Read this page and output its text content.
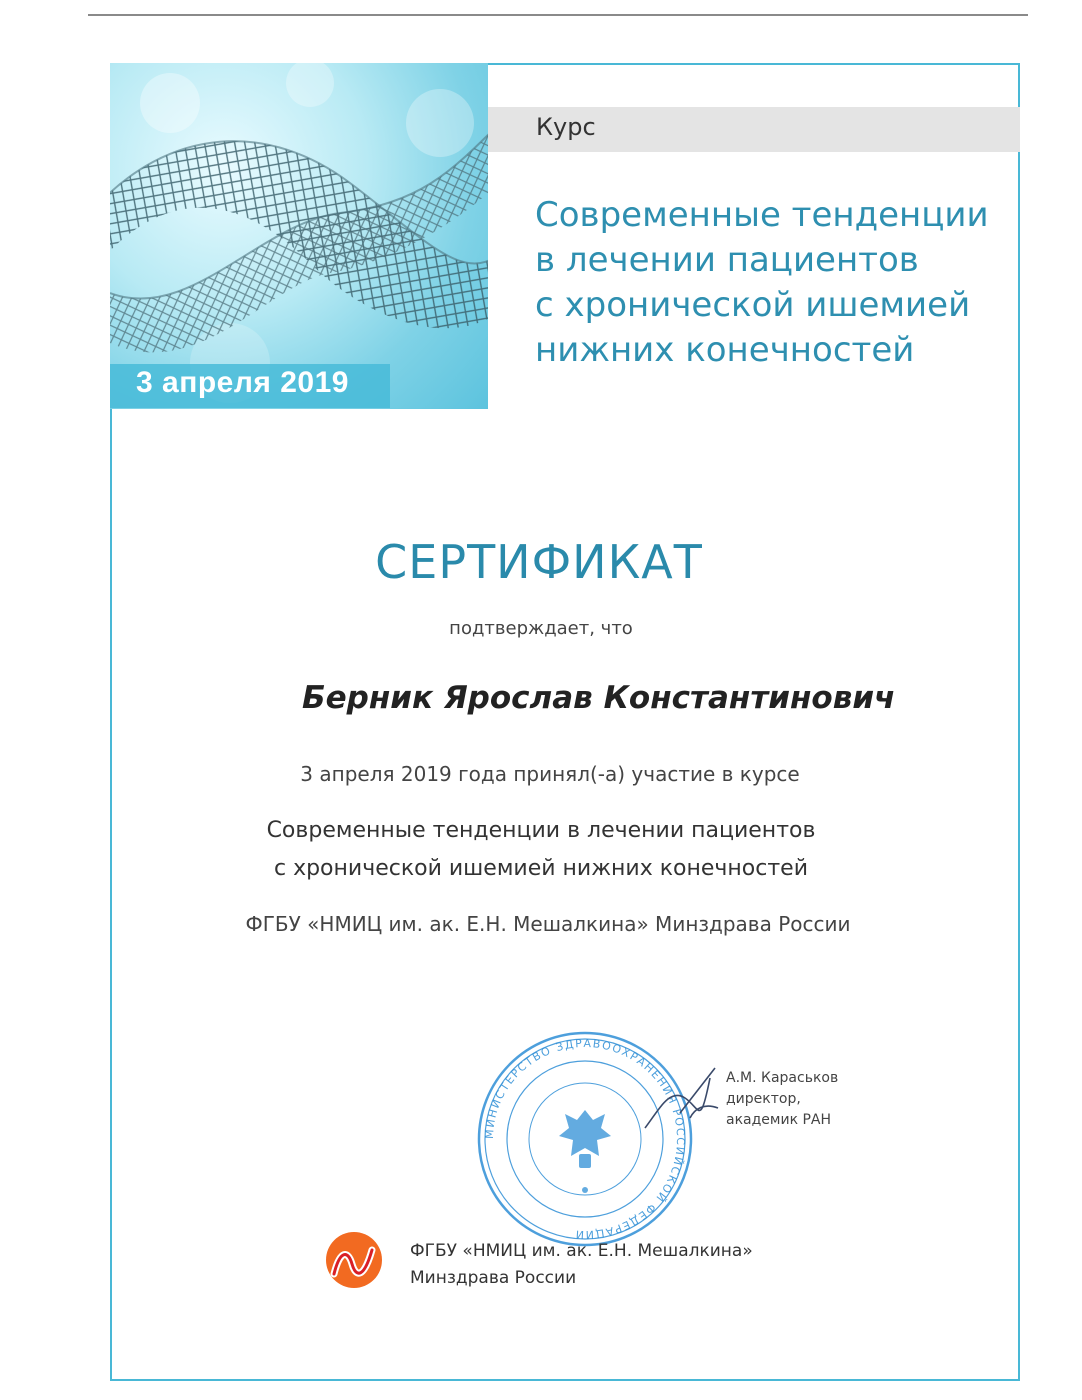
3 апреля 2019
Курс
Современные тенденции
в лечении пациентов
с хронической ишемией
нижних конечностей
СЕРТИФИКАТ
подтверждает, что
Берник Ярослав Константинович
3 апреля 2019 года принял(-а) участие в курсе
Современные тенденции в лечении пациентов
с хронической ишемией нижних конечностей
ФГБУ «НМИЦ им. ак. Е.Н. Мешалкина» Минздрава России
МИНИСТЕРСТВО ЗДРАВООХРАНЕНИЯ РОССИЙСКОЙ ФЕДЕРАЦИИ
А.М. Караськов
директор,
академик РАН
ФГБУ «НМИЦ им. ак. Е.Н. Мешалкина»
Минздрава России
